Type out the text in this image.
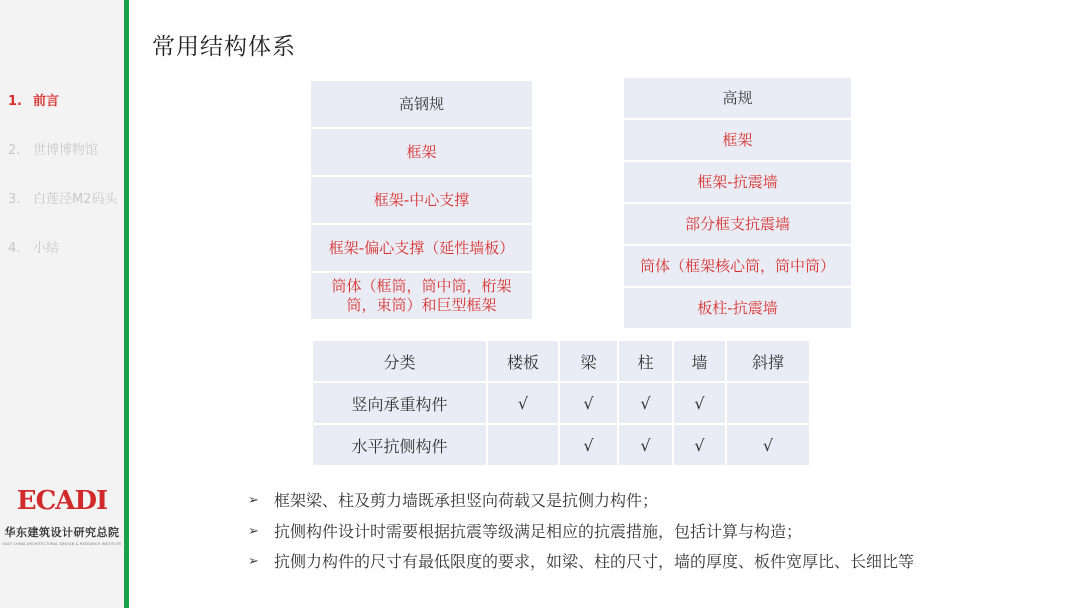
1. 前言
2. 世博博物馆
3. 白莲泾M2码头
4. 小结
ECADI
华东建筑设计研究总院
EAST CHINA ARCHITECTURAL DESIGN & RESEARCH INSTITUTE
常用结构体系
高钢规
框架
框架-中心支撑
框架-偏心支撑（延性墙板）
筒体（框筒，筒中筒，桁架筒，束筒）和巨型框架
高规
框架
框架-抗震墙
部分框支抗震墙
筒体（框架核心筒，筒中筒）
板柱-抗震墙
分类	楼板	梁	柱	墙	斜撑
竖向承重构件	√	√	√	√	
水平抗侧构件		√	√	√	√
➢ 框架梁、柱及剪力墙既承担竖向荷载又是抗侧力构件；
➢ 抗侧构件设计时需要根据抗震等级满足相应的抗震措施，包括计算与构造；
➢ 抗侧力构件的尺寸有最低限度的要求，如梁、柱的尺寸，墙的厚度、板件宽厚比、长细比等
